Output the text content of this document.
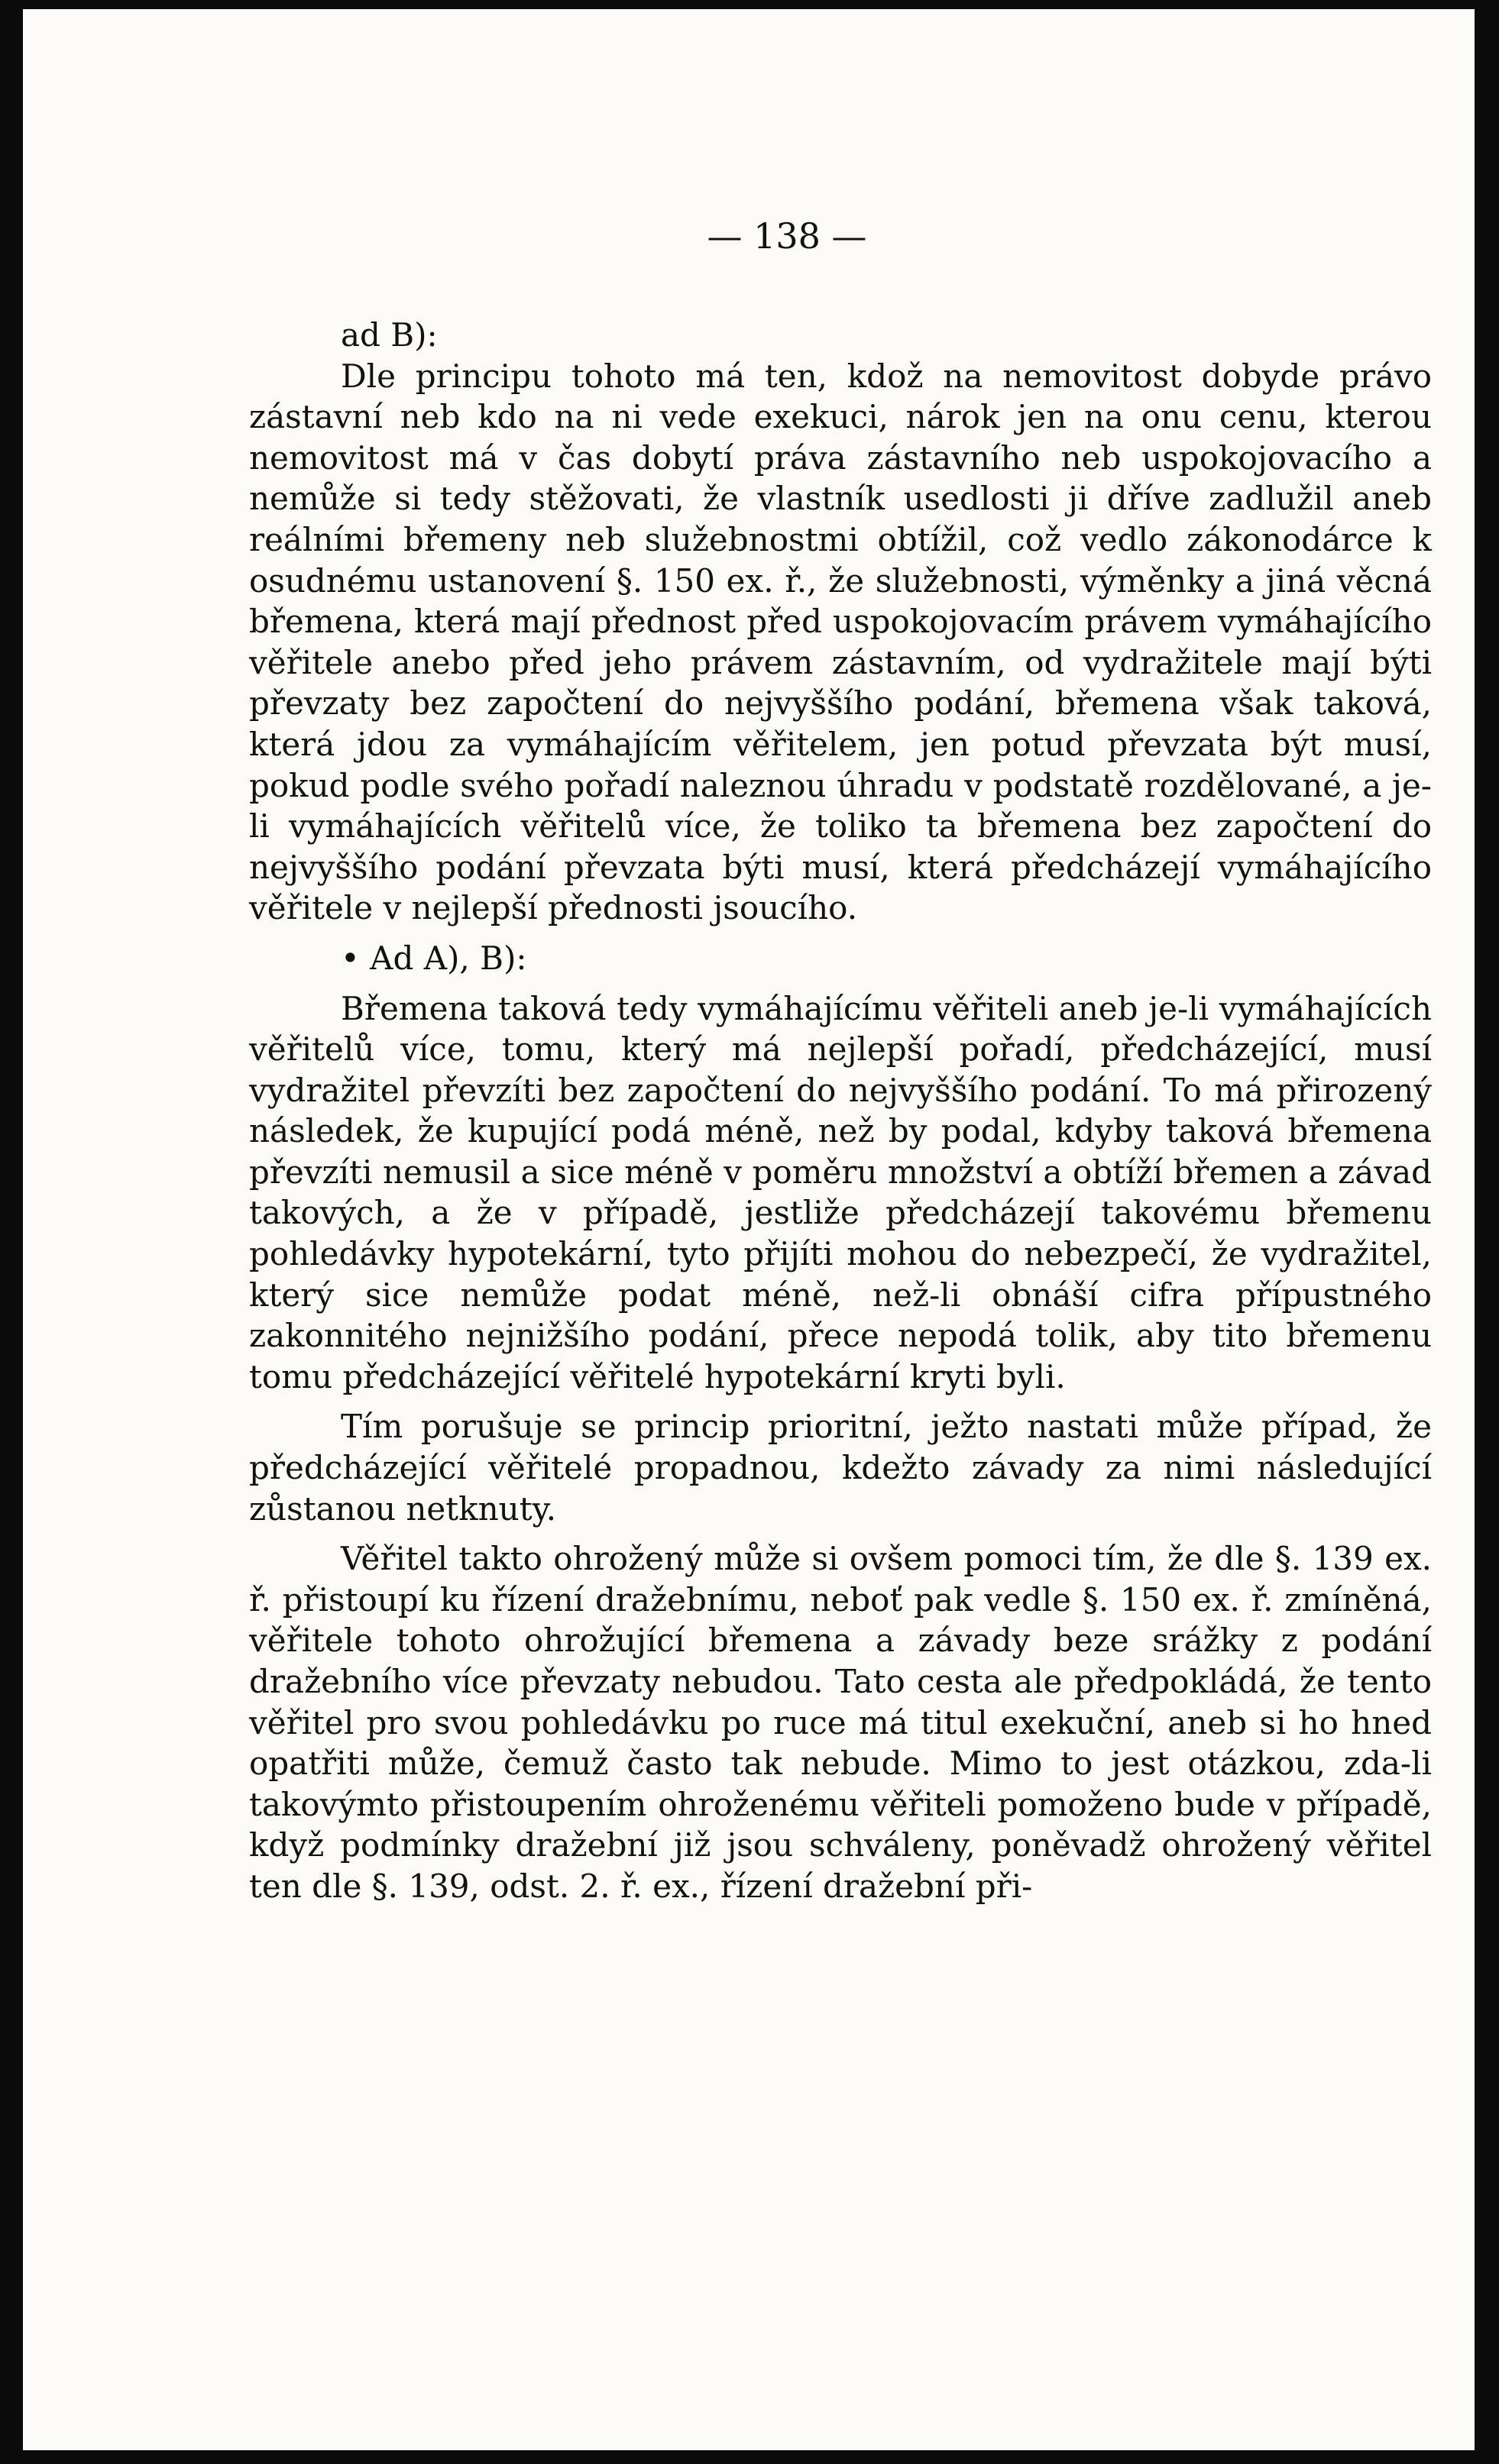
— 138 —
ad B):

Dle principu tohoto má ten, kdož na nemovitost dobyde právo zástavní neb kdo na ni vede exekuci, nárok jen na onu cenu, kterou nemovitost má v čas dobytí práva zástavního neb uspokojovacího a nemůže si tedy stěžovati, že vlastník usedlosti ji dříve zadlužil aneb reálními břemeny neb služebnostmi obtížil, což vedlo zákonodárce k osudnému ustanovení §. 150 ex. ř., že služebnosti, výměnky a jiná věcná břemena, která mají přednost před uspokojovacím právem vymáhajícího věřitele anebo před jeho právem zástavním, od vydražitele mají býti převzaty bez započtení do nejvyššího podání, břemena však taková, která jdou za vymáhajícím věřitelem, jen potud převzata být musí, pokud podle svého pořadí naleznou úhradu v podstatě rozdělované, a je-li vymáhajících věřitelů více, že toliko ta břemena bez započtení do nejvyššího podání převzata býti musí, která předcházejí vymáhajícího věřitele v nejlepší přednosti jsoucího.

• Ad A), B):

Břemena taková tedy vymáhajícímu věřiteli aneb je-li vymáhajících věřitelů více, tomu, který má nejlepší pořadí, předcházející, musí vydražitel převzíti bez započtení do nejvyššího podání. To má přirozený následek, že kupující podá méně, než by podal, kdyby taková břemena převzíti nemusil a sice méně v poměru množství a obtíží břemen a závad takových, a že v případě, jestliže předcházejí takovému břemenu pohledávky hypotekární, tyto přijíti mohou do nebezpečí, že vydražitel, který sice nemůže podat méně, než-li obnáší cifra přípustného zakonnitého nejnižšího podání, přece nepodá tolik, aby tito břemenu tomu předcházející věřitelé hypotekární kryti byli.

Tím porušuje se princip prioritní, ježto nastati může případ, že předcházející věřitelé propadnou, kdežto závady za nimi následující zůstanou netknuty.

Věřitel takto ohrožený může si ovšem pomoci tím, že dle §. 139 ex. ř. přistoupí ku řízení dražebnímu, neboť pak vedle §. 150 ex. ř. zmíněná, věřitele tohoto ohrožující břemena a závady beze srážky z podání dražebního více převzaty nebudou. Tato cesta ale předpokládá, že tento věřitel pro svou pohledávku po ruce má titul exekuční, aneb si ho hned opatřiti může, čemuž často tak nebude. Mimo to jest otázkou, zda-li takovýmto přistoupením ohroženému věřiteli pomoženo bude v případě, když podmínky dražební již jsou schváleny, poněvadž ohrožený věřitel ten dle §. 139, odst. 2. ř. ex., řízení dražební při-
